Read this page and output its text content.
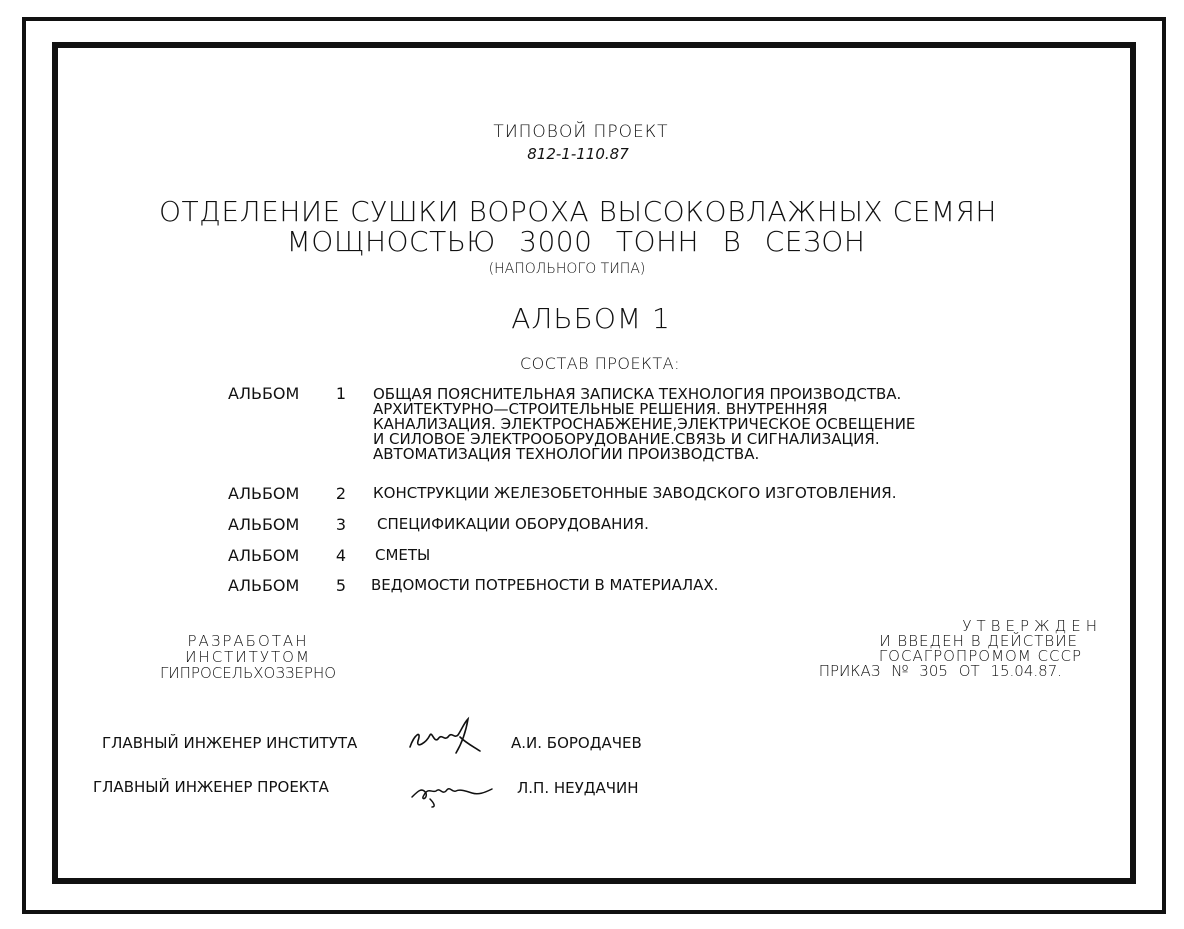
ТИПОВОЙ ПРОЕКТ
812-1-110.87
ОТДЕЛЕНИЕ СУШКИ ВОРОХА ВЫСОКОВЛАЖНЫХ СЕМЯН
МОЩНОСТЬЮ 3000 ТОНН В СЕЗОН
(НАПОЛЬНОГО ТИПА)
АЛЬБОМ 1
СОСТАВ ПРОЕКТА:
АЛЬБОМ	1	ОБЩАЯ ПОЯСНИТЕЛЬНАЯ ЗАПИСКА ТЕХНОЛОГИЯ ПРОИЗВОДСТВА.
АРХИТЕКТУРНО—СТРОИТЕЛЬНЫЕ РЕШЕНИЯ. ВНУТРЕННЯЯ
КАНАЛИЗАЦИЯ. ЭЛЕКТРОСНАБЖЕНИЕ,ЭЛЕКТРИЧЕСКОЕ ОСВЕЩЕНИЕ
И СИЛОВОЕ ЭЛЕКТРООБОРУДОВАНИЕ.СВЯЗЬ И СИГНАЛИЗАЦИЯ.
АВТОМАТИЗАЦИЯ ТЕХНОЛОГИИ ПРОИЗВОДСТВА.
АЛЬБОМ	2	КОНСТРУКЦИИ ЖЕЛЕЗОБЕТОННЫЕ ЗАВОДСКОГО ИЗГОТОВЛЕНИЯ.
АЛЬБОМ	3	СПЕЦИФИКАЦИИ ОБОРУДОВАНИЯ.
АЛЬБОМ	4	СМЕТЫ
АЛЬБОМ	5	ВЕДОМОСТИ ПОТРЕБНОСТИ В МАТЕРИАЛАХ.
РАЗРАБОТАН
ИНСТИТУТОМ
ГИПРОСЕЛЬХОЗЗЕРНО
УТВЕРЖДЕН
И ВВЕДЕН В ДЕЙСТВИЕ
ГОСАГРОПРОМОМ СССР
ПРИКАЗ № 305 ОТ 15.04.87.
ГЛАВНЫЙ ИНЖЕНЕР ИНСТИТУТА	А.И. БОРОДАЧЕВ
ГЛАВНЫЙ ИНЖЕНЕР ПРОЕКТА	Л.П. НЕУДАЧИН
